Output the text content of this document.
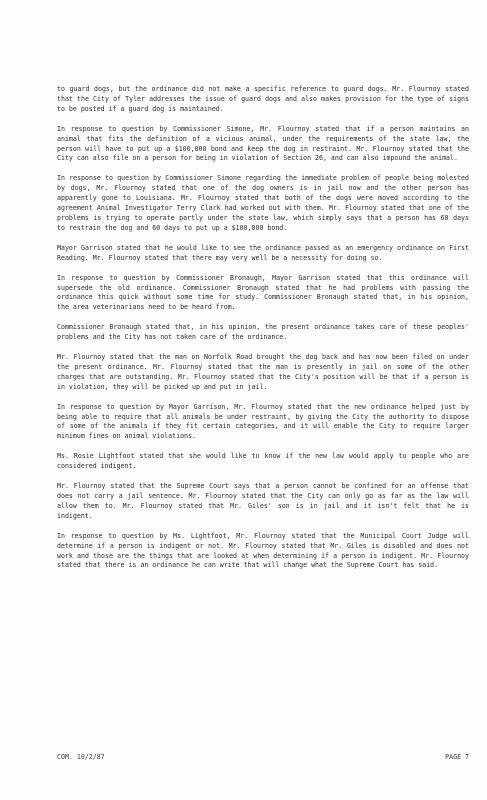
to guard dogs, but the ordinance did not make a specific reference to guard dogs. Mr. Flournoy stated that the City of Tyler addresses the issue of guard dogs and also makes provision for the type of signs to be posted if a guard dog is maintained.

In response to question by Commissioner Simone, Mr. Flournoy stated that if a person maintains an animal that fits the definition of a vicious animal, under the requirements of the state law, the person will have to put up a $100,000 bond and keep the dog in restraint. Mr. Flournoy stated that the City can also file on a person for being in violation of Section 26, and can also impound the animal.

In response to question by Commissioner Simone regarding the immediate problem of people being molested by dogs, Mr. Flournoy stated that one of the dog owners is in jail now and the other person has apparently gone to Louisiana. Mr. Flournoy stated that both of the dogs were moved according to the agreement Animal Investigator Terry Clark had worked out with them. Mr. Flournoy stated that one of the problems is trying to operate partly under the state law, which simply says that a person has 60 days to restrain the dog and 60 days to put up a $100,000 bond.

Mayor Garrison stated that he would like to see the ordinance passed as an emergency ordinance on First Reading. Mr. Flournoy stated that there may very well be a necessity for doing so.

In response to question by Commissioner Bronaugh, Mayor Garrison stated that this ordinance will supersede the old ordinance. Commissioner Bronaugh stated that he had problems with passing the ordinance this quick without some time for study. Commissioner Bronaugh stated that, in his opinion, the area veterinarians need to be heard from.

Commissioner Bronaugh stated that, in his opinion, the present ordinance takes care of these peoples' problems and the City has not taken care of the ordinance.

Mr. Flournoy stated that the man on Norfolk Road brought the dog back and has now been filed on under the present ordinance. Mr. Flournoy stated that the man is presently in jail on some of the other charges that are outstanding. Mr. Flournoy stated that the City's position will be that if a person is in violation, they will be picked up and put in jail.

In response to question by Mayor Garrison, Mr. Flournoy stated that the new ordinance helped just by being able to require that all animals be under restraint, by giving the City the authority to dispose of some of the animals if they fit certain categories, and it will enable the City to require larger minimum fines on animal violations.

Ms. Rosie Lightfoot stated that she would like to know if the new law would apply to people who are considered indigent.

Mr. Flournoy stated that the Supreme Court says that a person cannot be confined for an offense that does not carry a jail sentence. Mr. Flournoy stated that the City can only go as far as the law will allow them to. Mr. Flournoy stated that Mr. Giles' son is in jail and it isn't felt that he is indigent.

In response to question by Ms. Lightfoot, Mr. Flournoy stated that the Municipal Court Judge will determine if a person is indigent or not. Mr. Flournoy stated that Mr. Giles is disabled and does not work and those are the things that are looked at when determining if a person is indigent. Mr. Flournoy stated that there is an ordinance he can write that will change what the Supreme Court has said.

COM. 10/2/87	PAGE 7
